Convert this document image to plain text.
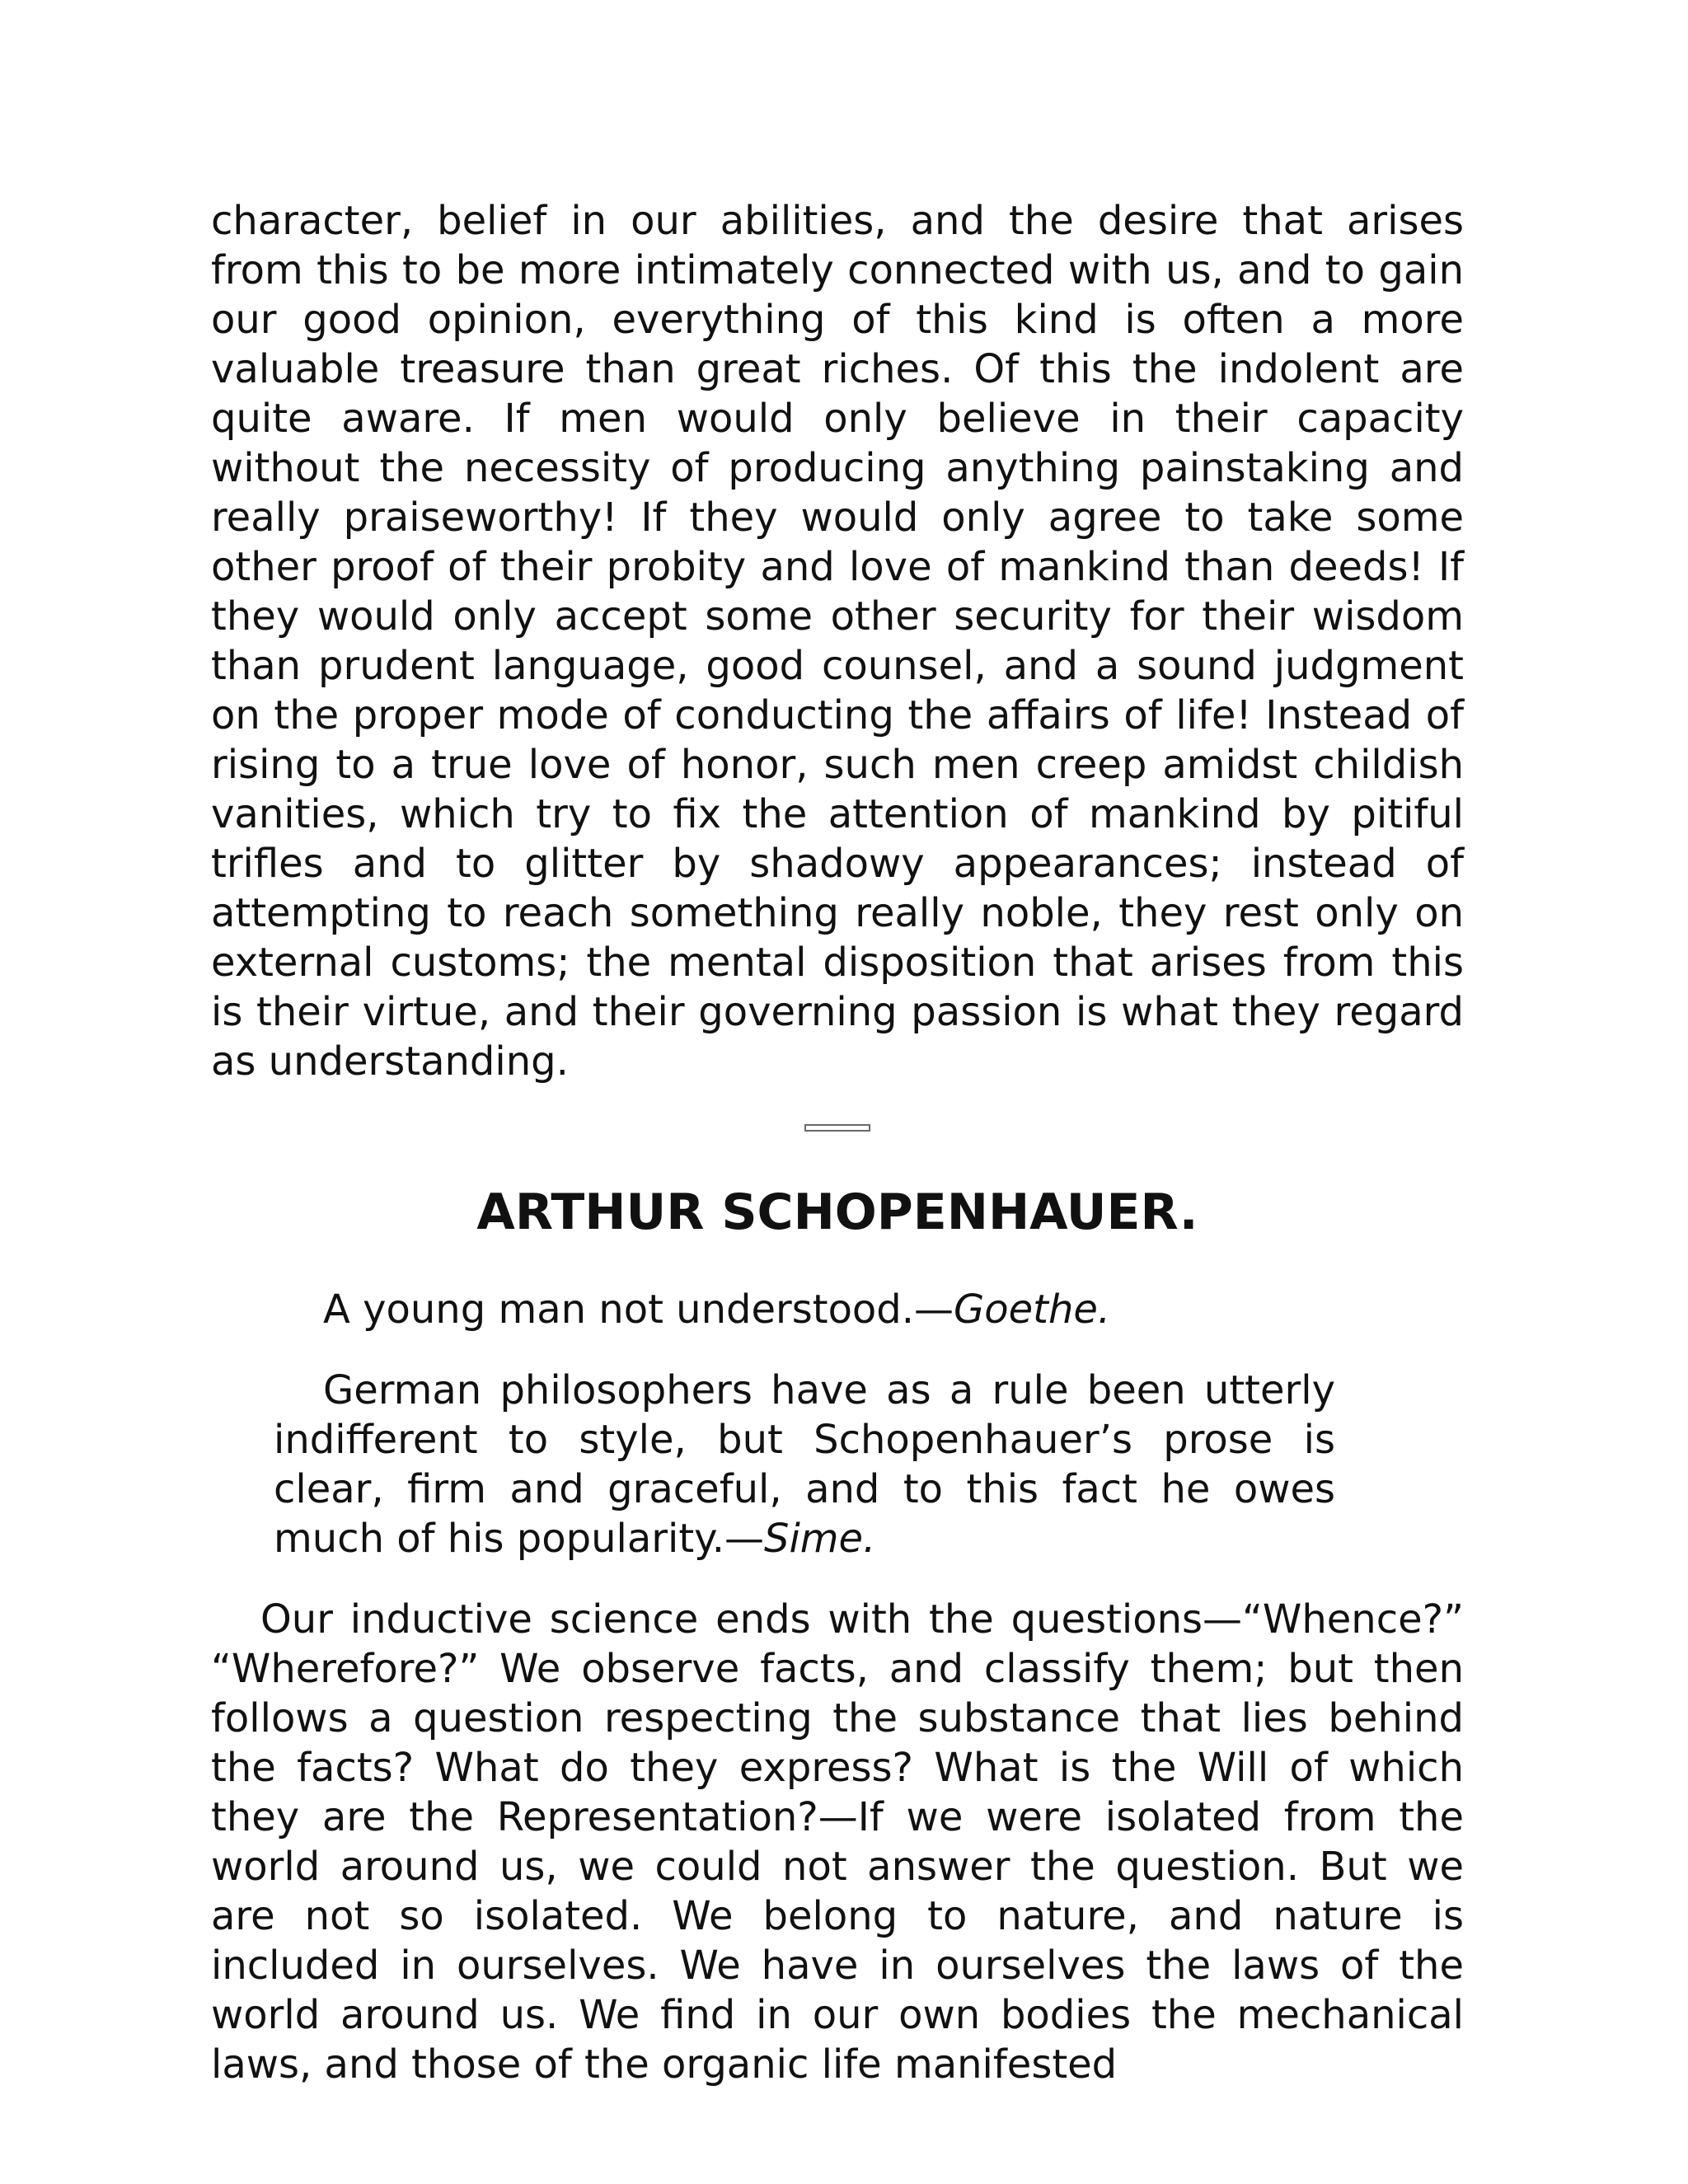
character, belief in our abilities, and the desire that arises from this to be more intimately connected with us, and to gain our good opinion, everything of this kind is often a more valuable treasure than great riches. Of this the indolent are quite aware. If men would only believe in their capacity without the necessity of producing anything painstaking and really praiseworthy! If they would only agree to take some other proof of their probity and love of mankind than deeds! If they would only accept some other security for their wisdom than prudent language, good counsel, and a sound judgment on the proper mode of conducting the affairs of life! Instead of rising to a true love of honor, such men creep amidst childish vanities, which try to fix the attention of mankind by pitiful trifles and to glitter by shadowy appearances; instead of attempting to reach something really noble, they rest only on external customs; the mental disposition that arises from this is their virtue, and their governing passion is what they regard as understanding.

ARTHUR SCHOPENHAUER.

A young man not understood.—Goethe.

German philosophers have as a rule been utterly indifferent to style, but Schopenhauer’s prose is clear, firm and graceful, and to this fact he owes much of his popularity.—Sime.

Our inductive science ends with the questions—“Whence?” “Wherefore?” We observe facts, and classify them; but then follows a question respecting the substance that lies behind the facts? What do they express? What is the Will of which they are the Representation?—If we were isolated from the world around us, we could not answer the question. But we are not so isolated. We belong to nature, and nature is included in ourselves. We have in ourselves the laws of the world around us. We find in our own bodies the mechanical laws, and those of the organic life manifested
